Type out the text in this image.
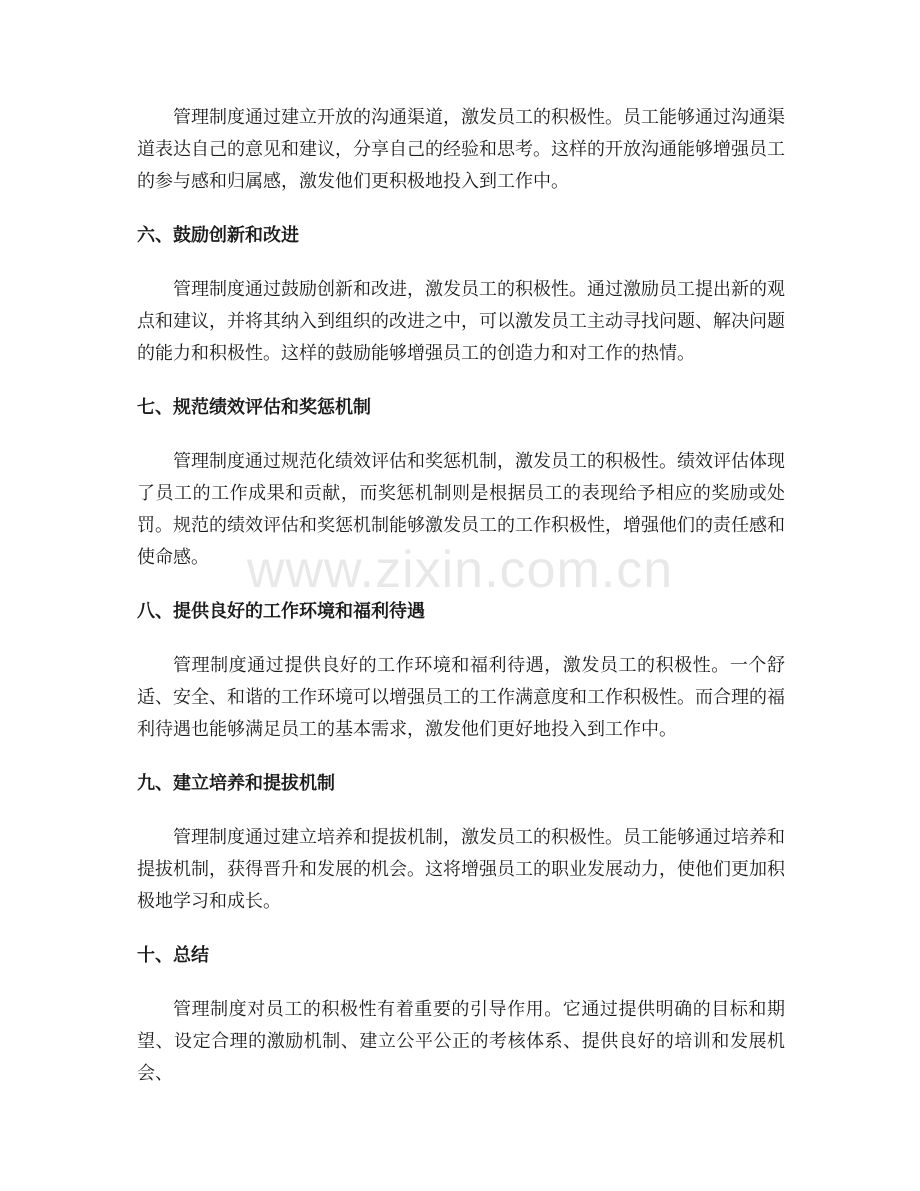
管理制度通过建立开放的沟通渠道，激发员工的积极性。员工能够通过沟通渠道表达自己的意见和建议，分享自己的经验和思考。这样的开放沟通能够增强员工的参与感和归属感，激发他们更积极地投入到工作中。

六、鼓励创新和改进

管理制度通过鼓励创新和改进，激发员工的积极性。通过激励员工提出新的观点和建议，并将其纳入到组织的改进之中，可以激发员工主动寻找问题、解决问题的能力和积极性。这样的鼓励能够增强员工的创造力和对工作的热情。

七、规范绩效评估和奖惩机制

管理制度通过规范化绩效评估和奖惩机制，激发员工的积极性。绩效评估体现了员工的工作成果和贡献，而奖惩机制则是根据员工的表现给予相应的奖励或处罚。规范的绩效评估和奖惩机制能够激发员工的工作积极性，增强他们的责任感和使命感。

八、提供良好的工作环境和福利待遇

管理制度通过提供良好的工作环境和福利待遇，激发员工的积极性。一个舒适、安全、和谐的工作环境可以增强员工的工作满意度和工作积极性。而合理的福利待遇也能够满足员工的基本需求，激发他们更好地投入到工作中。

九、建立培养和提拔机制

管理制度通过建立培养和提拔机制，激发员工的积极性。员工能够通过培养和提拔机制，获得晋升和发展的机会。这将增强员工的职业发展动力，使他们更加积极地学习和成长。

十、总结

管理制度对员工的积极性有着重要的引导作用。它通过提供明确的目标和期望、设定合理的激励机制、建立公平公正的考核体系、提供良好的培训和发展机会、

www.zixin.com.cn
